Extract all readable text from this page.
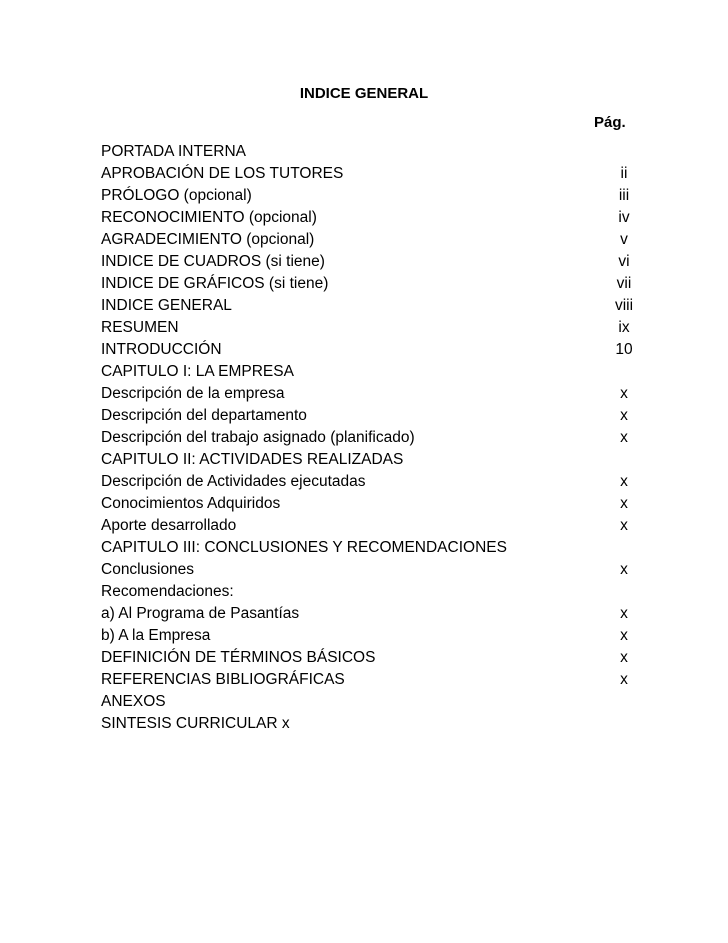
INDICE GENERAL
Pág.
PORTADA INTERNA
APROBACIÓN DE LOS TUTORES	ii
PRÓLOGO (opcional)	iii
RECONOCIMIENTO (opcional)	iv
AGRADECIMIENTO (opcional)	v
INDICE DE CUADROS (si tiene)	vi
INDICE DE GRÁFICOS (si tiene)	vii
INDICE GENERAL	viii
RESUMEN	ix
INTRODUCCIÓN	10
CAPITULO I: LA EMPRESA
Descripción de la empresa	x
Descripción del departamento	x
Descripción del trabajo asignado (planificado)	x
CAPITULO II: ACTIVIDADES REALIZADAS
Descripción de Actividades ejecutadas	x
Conocimientos Adquiridos	x
Aporte desarrollado	x
CAPITULO III: CONCLUSIONES Y RECOMENDACIONES
Conclusiones	x
Recomendaciones:
a) Al Programa de Pasantías	x
b) A la Empresa	x
DEFINICIÓN DE TÉRMINOS BÁSICOS	x
REFERENCIAS BIBLIOGRÁFICAS	x
ANEXOS
SINTESIS CURRICULAR x
